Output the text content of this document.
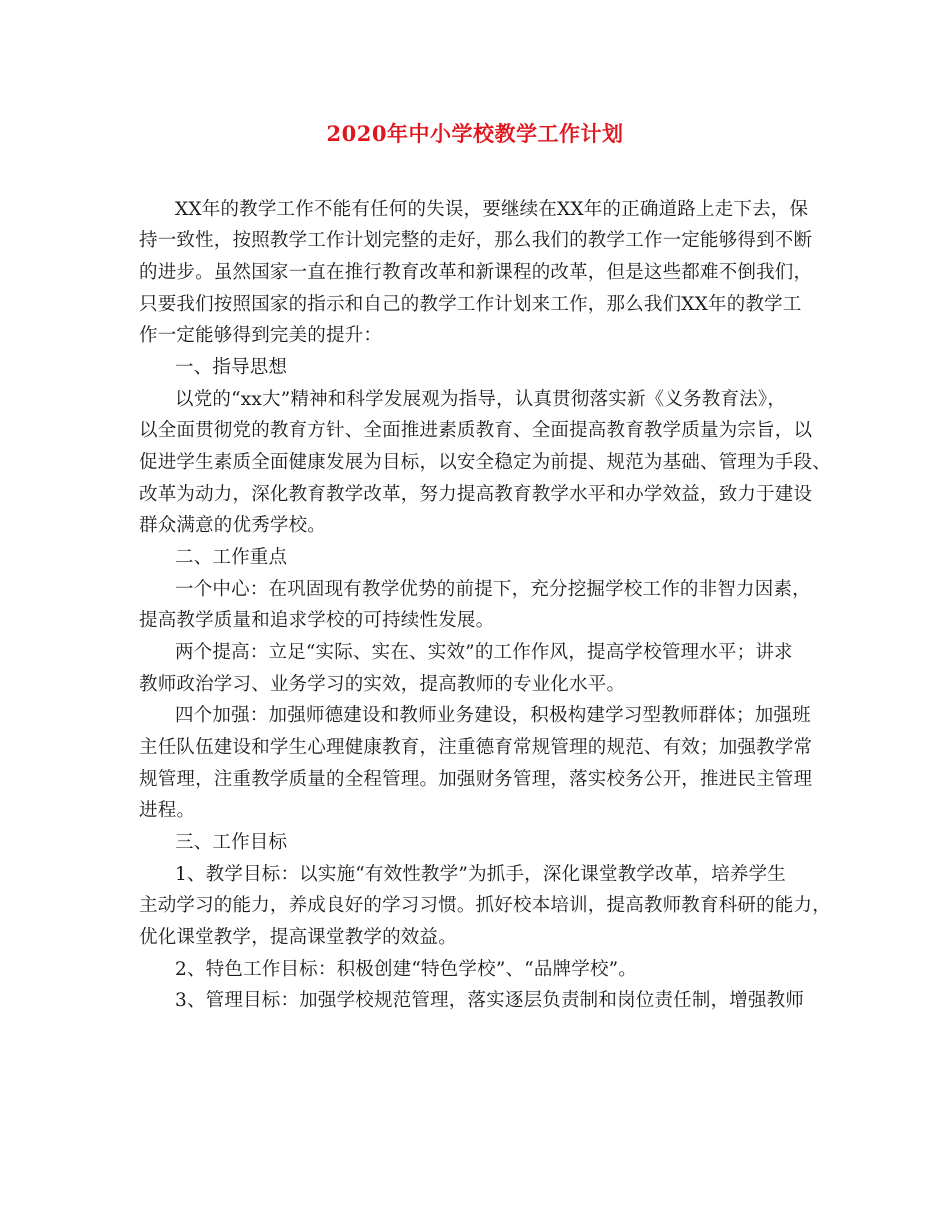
2020年中小学校教学工作计划
XX年的教学工作不能有任何的失误，要继续在XX年的正确道路上走下去，保
持一致性，按照教学工作计划完整的走好，那么我们的教学工作一定能够得到不断
的进步。虽然国家一直在推行教育改革和新课程的改革，但是这些都难不倒我们，
只要我们按照国家的指示和自己的教学工作计划来工作，那么我们XX年的教学工
作一定能够得到完美的提升：
一、指导思想
以党的“xx大”精神和科学发展观为指导，认真贯彻落实新《义务教育法》，
以全面贯彻党的教育方针、全面推进素质教育、全面提高教育教学质量为宗旨，以
促进学生素质全面健康发展为目标，以安全稳定为前提、规范为基础、管理为手段、
改革为动力，深化教育教学改革，努力提高教育教学水平和办学效益，致力于建设
群众满意的优秀学校。
二、工作重点
一个中心：在巩固现有教学优势的前提下，充分挖掘学校工作的非智力因素，
提高教学质量和追求学校的可持续性发展。
两个提高：立足“实际、实在、实效”的工作作风，提高学校管理水平；讲求
教师政治学习、业务学习的实效，提高教师的专业化水平。
四个加强：加强师德建设和教师业务建设，积极构建学习型教师群体；加强班
主任队伍建设和学生心理健康教育，注重德育常规管理的规范、有效；加强教学常
规管理，注重教学质量的全程管理。加强财务管理，落实校务公开，推进民主管理
进程。
三、工作目标
1、教学目标：以实施“有效性教学”为抓手，深化课堂教学改革，培养学生
主动学习的能力，养成良好的学习习惯。抓好校本培训，提高教师教育科研的能力，
优化课堂教学，提高课堂教学的效益。
2、特色工作目标：积极创建“特色学校”、“品牌学校”。
3、管理目标：加强学校规范管理，落实逐层负责制和岗位责任制，增强教师
